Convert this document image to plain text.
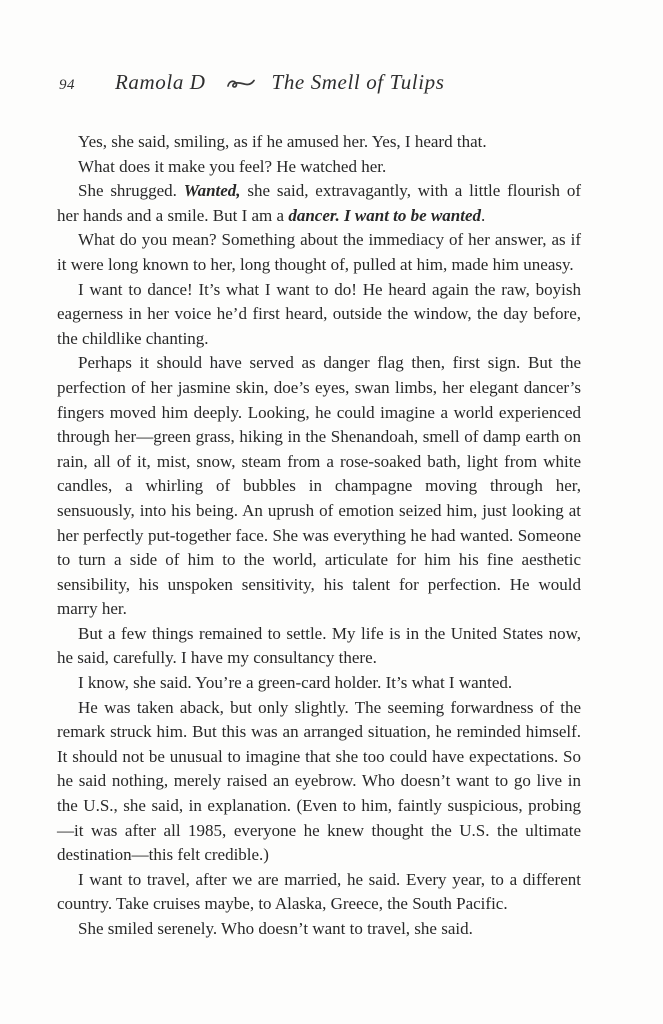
94 Ramola D	The Smell of Tulips

Yes, she said, smiling, as if he amused her. Yes, I heard that.

What does it make you feel? He watched her.

She shrugged. Wanted, she said, extravagantly, with a little flourish of her hands and a smile. But I am a dancer. I want to be wanted.

What do you mean? Something about the immediacy of her answer, as if it were long known to her, long thought of, pulled at him, made him uneasy.

I want to dance! It’s what I want to do! He heard again the raw, boyish eagerness in her voice he’d first heard, outside the window, the day before, the childlike chanting.

Perhaps it should have served as danger flag then, first sign. But the perfection of her jasmine skin, doe’s eyes, swan limbs, her elegant dancer’s fingers moved him deeply. Looking, he could imagine a world experienced through her—green grass, hiking in the Shenandoah, smell of damp earth on rain, all of it, mist, snow, steam from a rose-soaked bath, light from white candles, a whirling of bubbles in champagne moving through her, sensuously, into his being. An uprush of emotion seized him, just looking at her perfectly put-together face. She was everything he had wanted. Someone to turn a side of him to the world, articulate for him his fine aesthetic sensibility, his unspoken sensitivity, his talent for perfection. He would marry her.

But a few things remained to settle. My life is in the United States now, he said, carefully. I have my consultancy there.

I know, she said. You’re a green-card holder. It’s what I wanted.

He was taken aback, but only slightly. The seeming forwardness of the remark struck him. But this was an arranged situation, he reminded himself. It should not be unusual to imagine that she too could have expectations. So he said nothing, merely raised an eyebrow. Who doesn’t want to go live in the U.S., she said, in explanation. (Even to him, faintly suspicious, probing—it was after all 1985, everyone he knew thought the U.S. the ultimate destination—this felt credible.)

I want to travel, after we are married, he said. Every year, to a different country. Take cruises maybe, to Alaska, Greece, the South Pacific.

She smiled serenely. Who doesn’t want to travel, she said.
